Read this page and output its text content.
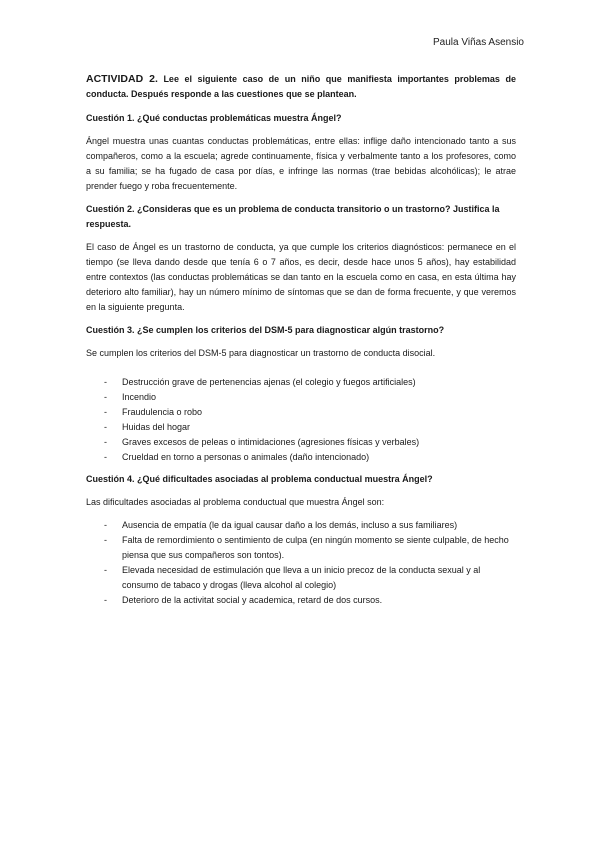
Paula Viñas Asensio

ACTIVIDAD 2. Lee el siguiente caso de un niño que manifiesta importantes problemas de conducta. Después responde a las cuestiones que se plantean.

Cuestión 1. ¿Qué conductas problemáticas muestra Ángel?

Ángel muestra unas cuantas conductas problemáticas, entre ellas: inflige daño intencionado tanto a sus compañeros, como a la escuela; agrede continuamente, física y verbalmente tanto a los profesores, como a su familia; se ha fugado de casa por días, e infringe las normas (trae bebidas alcohólicas); le atrae prender fuego y roba frecuentemente.

Cuestión 2. ¿Consideras que es un problema de conducta transitorio o un trastorno? Justifica la respuesta.

El caso de Ángel es un trastorno de conducta, ya que cumple los criterios diagnósticos: permanece en el tiempo (se lleva dando desde que tenía 6 o 7 años, es decir, desde hace unos 5 años), hay estabilidad entre contextos (las conductas problemáticas se dan tanto en la escuela como en casa, en esta última hay deterioro alto familiar), hay un número mínimo de síntomas que se dan de forma frecuente, y que veremos en la siguiente pregunta.

Cuestión 3. ¿Se cumplen los criterios del DSM-5 para diagnosticar algún trastorno?

Se cumplen los criterios del DSM-5 para diagnosticar un trastorno de conducta disocial.

- Destrucción grave de pertenencias ajenas (el colegio y fuegos artificiales)
- Incendio
- Fraudulencia o robo
- Huidas del hogar
- Graves excesos de peleas o intimidaciones (agresiones físicas y verbales)
- Crueldad en torno a personas o animales (daño intencionado)

Cuestión 4. ¿Qué dificultades asociadas al problema conductual muestra Ángel?

Las dificultades asociadas al problema conductual que muestra Ángel son:

- Ausencia de empatía (le da igual causar daño a los demás, incluso a sus familiares)
- Falta de remordimiento o sentimiento de culpa (en ningún momento se siente culpable, de hecho piensa que sus compañeros son tontos).
- Elevada necesidad de estimulación que lleva a un inicio precoz de la conducta sexual y al consumo de tabaco y drogas (lleva alcohol al colegio)
- Deterioro de la activitat social y academica, retard de dos cursos.
